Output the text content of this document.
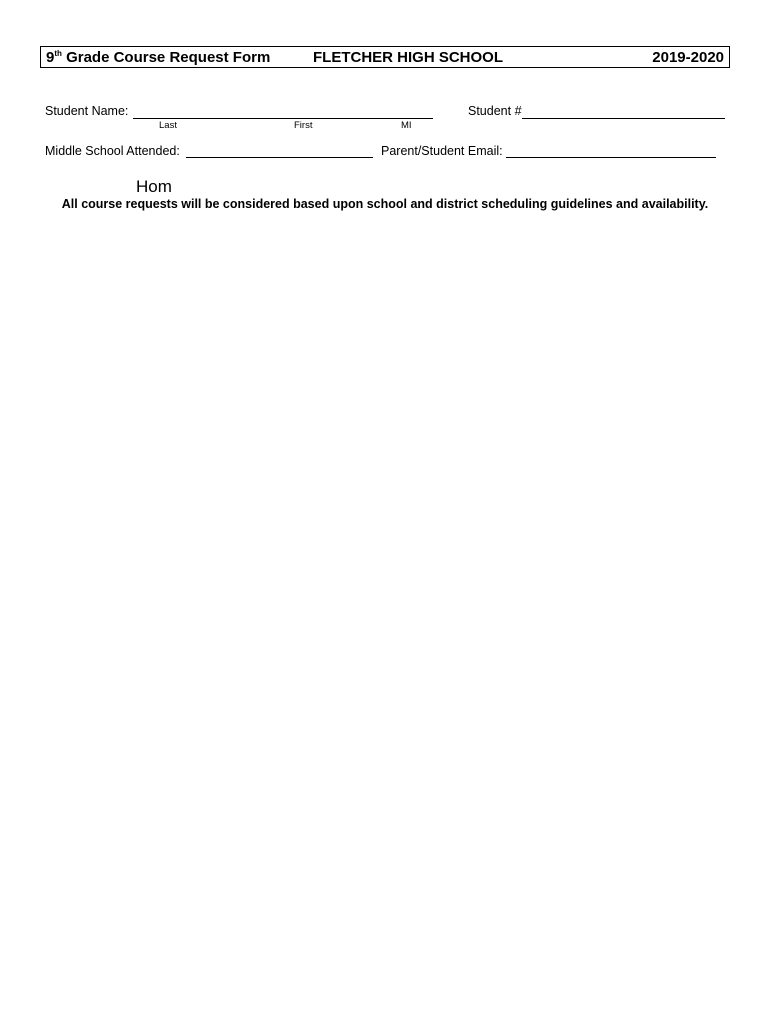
9th Grade Course Request Form	FLETCHER HIGH SCHOOL	2019-2020
Student Name:
Last	First	MI
Student #
Middle School Attended:	Parent/Student Email:
Hom
All course requests will be considered based upon school and district scheduling guidelines and availability.
